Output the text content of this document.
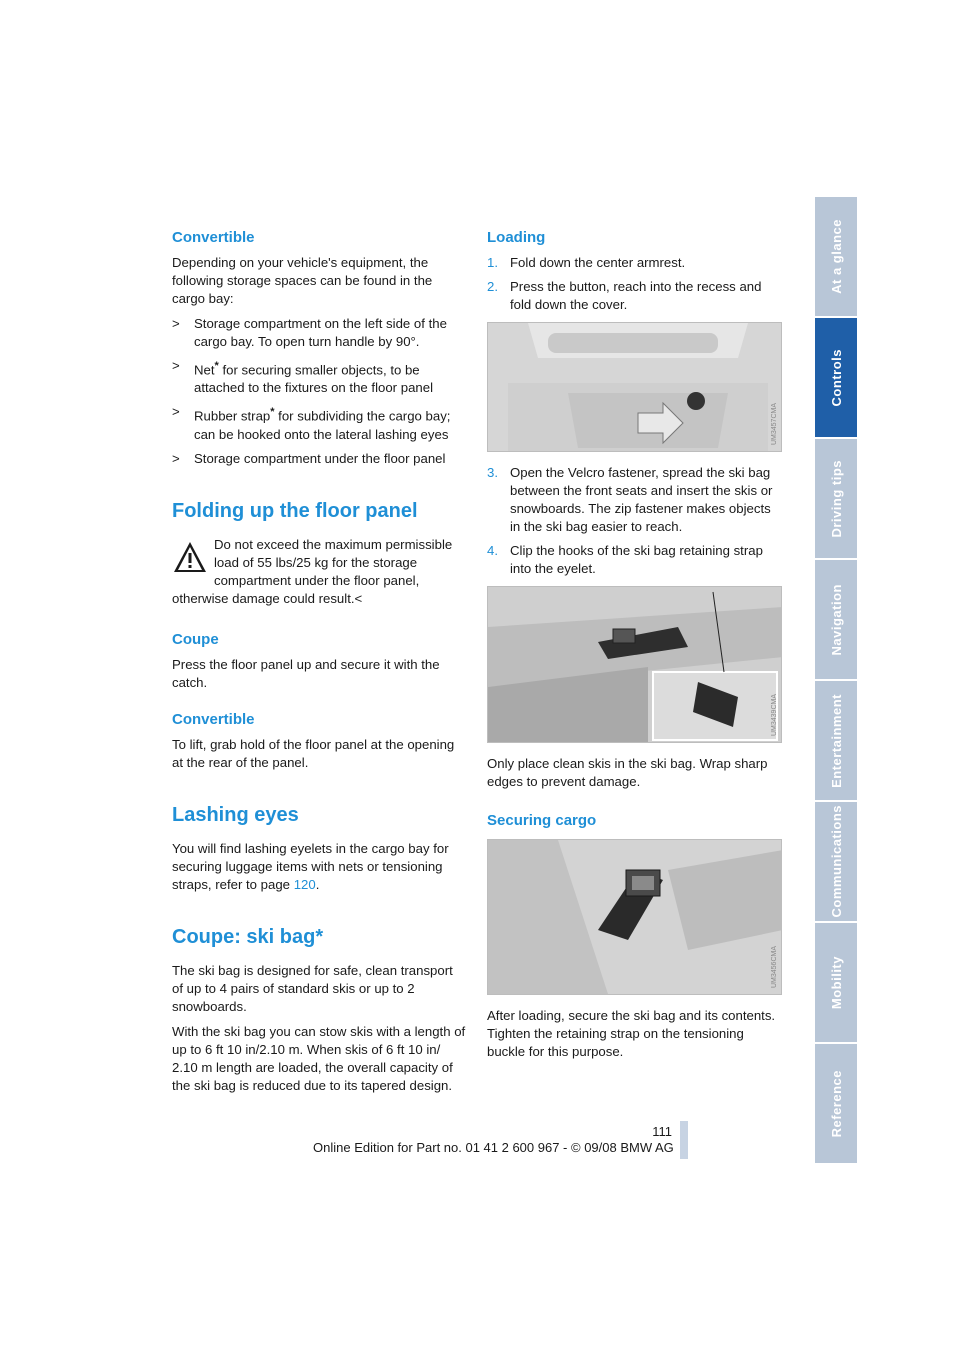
Convertible

Depending on your vehicle's equipment, the following storage spaces can be found in the cargo bay:

>	Storage compartment on the left side of the cargo bay. To open turn handle by 90°.
>	Net* for securing smaller objects, to be attached to the fixtures on the floor panel
>	Rubber strap* for subdividing the cargo bay; can be hooked onto the lateral lashing eyes
>	Storage compartment under the floor panel
Folding up the floor panel

Do not exceed the maximum permissible load of 55 lbs/25 kg for the storage compartment under the floor panel, otherwise damage could result.<

Coupe

Press the floor panel up and secure it with the catch.

Convertible

To lift, grab hold of the floor panel at the opening at the rear of the panel.

Lashing eyes

You will find lashing eyelets in the cargo bay for securing luggage items with nets or tensioning straps, refer to page 120.

Coupe: ski bag*

The ski bag is designed for safe, clean transport of up to 4 pairs of standard skis or up to 2 snowboards.

With the ski bag you can stow skis with a length of up to 6 ft 10 in/2.10 m. When skis of 6 ft 10 in/ 2.10 m length are loaded, the overall capacity of the ski bag is reduced due to its tapered design.

Loading
1. Fold down the center armrest.
2. Press the button, reach into the recess and fold down the cover.
UM3457CMA
3. Open the Velcro fastener, spread the ski bag between the front seats and insert the skis or snowboards. The zip fastener makes objects in the ski bag easier to reach.
4. Clip the hooks of the ski bag retaining strap into the eyelet.
UM3439CMA

Only place clean skis in the ski bag. Wrap sharp edges to prevent damage.

Securing cargo
UM3456CMA

After loading, secure the ski bag and its contents. Tighten the retaining strap on the tensioning buckle for this purpose.

At a glance
Controls
Driving tips
Navigation
Entertainment
Communications
Mobility
Reference
111
Online Edition for Part no. 01 41 2 600 967 - © 09/08 BMW AG
